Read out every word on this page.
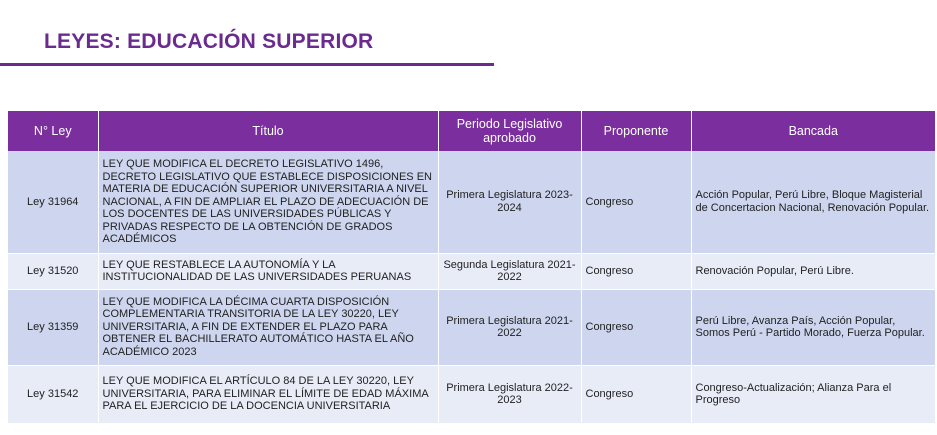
LEYES: EDUCACIÓN SUPERIOR
N° Ley	Título	Periodo Legislativo aprobado	Proponente	Bancada
Ley 31964	LEY QUE MODIFICA EL DECRETO LEGISLATIVO 1496, DECRETO LEGISLATIVO QUE ESTABLECE DISPOSICIONES EN MATERIA DE EDUCACIÓN SUPERIOR UNIVERSITARIA A NIVEL NACIONAL, A FIN DE AMPLIAR EL PLAZO DE ADECUACIÓN DE LOS DOCENTES DE LAS UNIVERSIDADES PÚBLICAS Y PRIVADAS RESPECTO DE LA OBTENCIÓN DE GRADOS ACADÉMICOS	Primera Legislatura 2023-2024	Congreso	Acción Popular, Perú Libre, Bloque Magisterial de Concertacion Nacional, Renovación Popular.
Ley 31520	LEY QUE RESTABLECE LA AUTONOMÍA Y LA INSTITUCIONALIDAD DE LAS UNIVERSIDADES PERUANAS	Segunda Legislatura 2021-2022	Congreso	Renovación Popular, Perú Libre.
Ley 31359	LEY QUE MODIFICA LA DÉCIMA CUARTA DISPOSICIÓN COMPLEMENTARIA TRANSITORIA DE LA LEY 30220, LEY UNIVERSITARIA, A FIN DE EXTENDER EL PLAZO PARA OBTENER EL BACHILLERATO AUTOMÁTICO HASTA EL AÑO ACADÉMICO 2023	Primera Legislatura 2021-2022	Congreso	Perú Libre, Avanza País, Acción Popular, Somos Perú - Partido Morado, Fuerza Popular.
Ley 31542	LEY QUE MODIFICA EL ARTÍCULO 84 DE LA LEY 30220, LEY UNIVERSITARIA, PARA ELIMINAR EL LÍMITE DE EDAD MÁXIMA PARA EL EJERCICIO DE LA DOCENCIA UNIVERSITARIA	Primera Legislatura 2022-2023	Congreso	Congreso-Actualización; Alianza Para el Progreso
